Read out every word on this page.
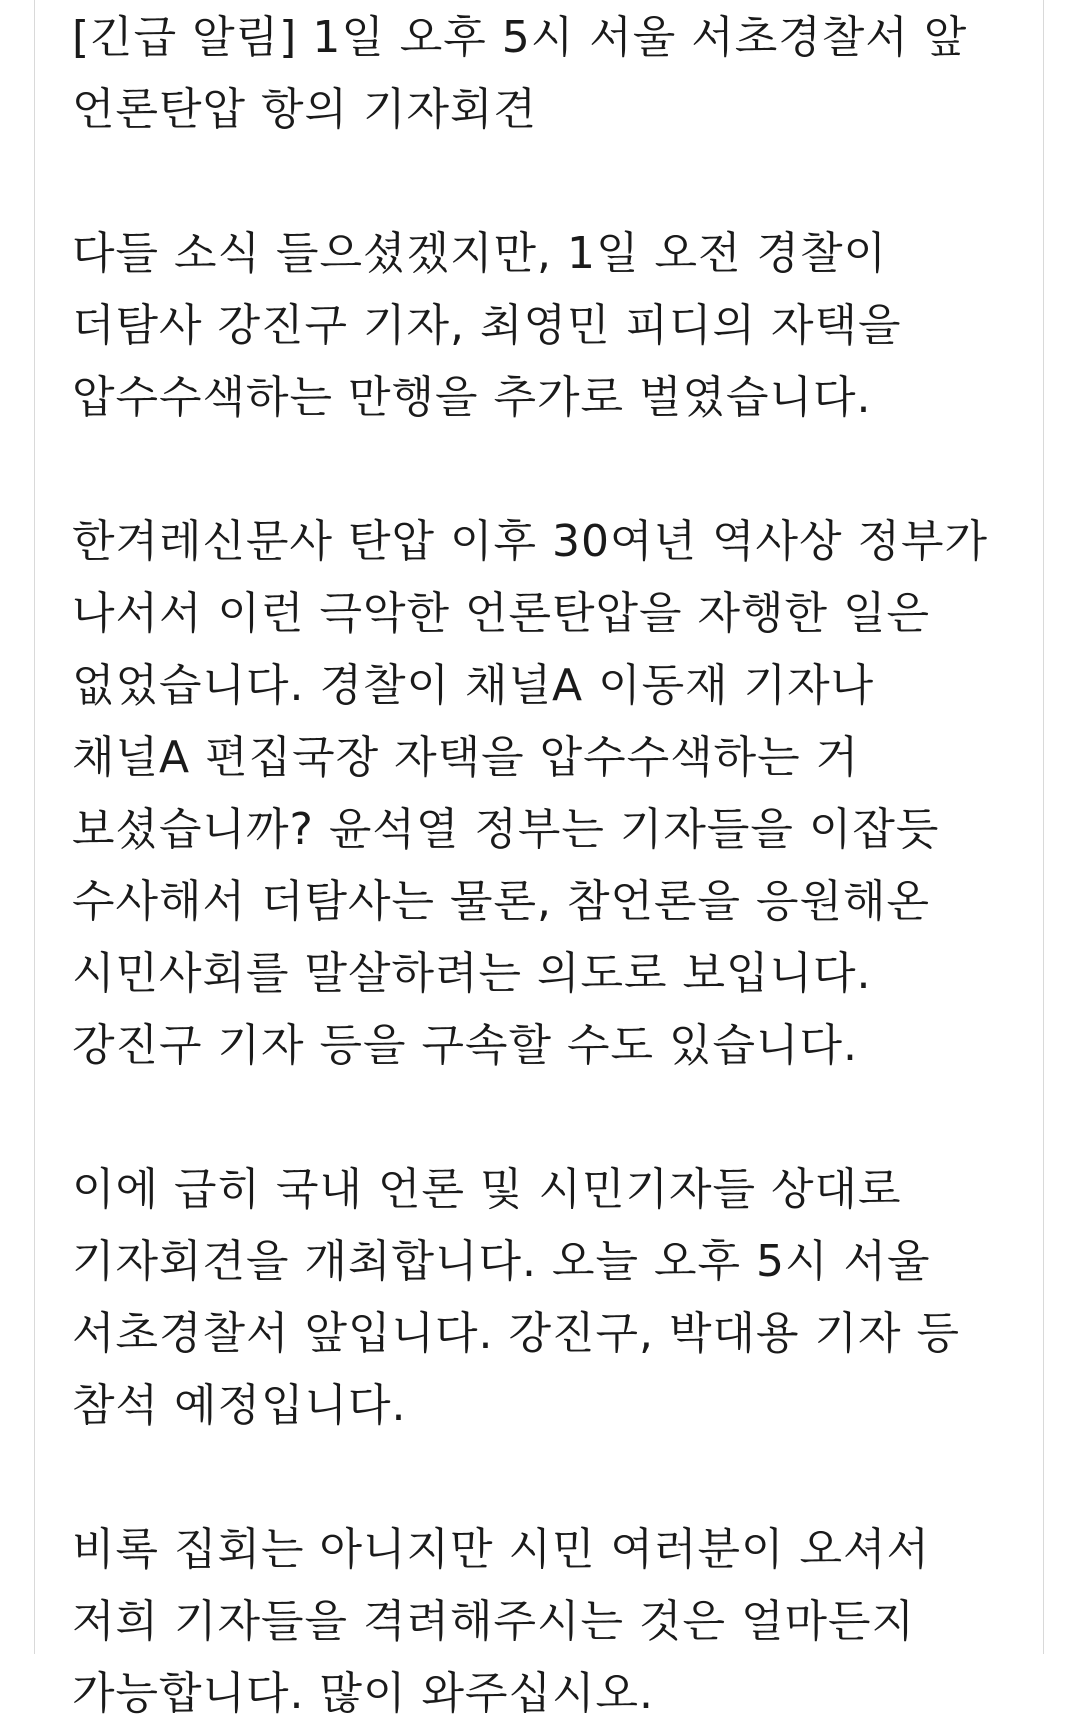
[긴급 알림] 1일 오후 5시 서울 서초경찰서 앞
언론탄압 항의 기자회견
다들 소식 들으셨겠지만, 1일 오전 경찰이
더탐사 강진구 기자, 최영민 피디의 자택을
압수수색하는 만행을 추가로 벌였습니다.
한겨레신문사 탄압 이후 30여년 역사상 정부가
나서서 이런 극악한 언론탄압을 자행한 일은
없었습니다. 경찰이 채널A 이동재 기자나
채널A 편집국장 자택을 압수수색하는 거
보셨습니까? 윤석열 정부는 기자들을 이잡듯
수사해서 더탐사는 물론, 참언론을 응원해온
시민사회를 말살하려는 의도로 보입니다.
강진구 기자 등을 구속할 수도 있습니다.
이에 급히 국내 언론 및 시민기자들 상대로
기자회견을 개최합니다. 오늘 오후 5시 서울
서초경찰서 앞입니다. 강진구, 박대용 기자 등
참석 예정입니다.
비록 집회는 아니지만 시민 여러분이 오셔서
저희 기자들을 격려해주시는 것은 얼마든지
가능합니다. 많이 와주십시오.
